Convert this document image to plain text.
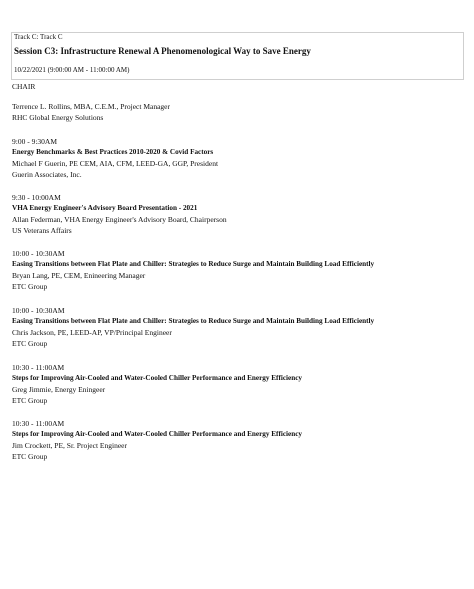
Track C: Track C
Session C3: Infrastructure Renewal A Phenomenological Way to Save Energy
10/22/2021 (9:00:00 AM - 11:00:00 AM)
CHAIR
Terrence L. Rollins, MBA, C.E.M., Project Manager
RHC Global Energy Solutions
9:00 - 9:30AM
Energy Benchmarks & Best Practices 2010-2020 & Covid Factors
Michael F Guerin, PE CEM, AIA, CFM, LEED-GA, GGP, President
Guerin Associates, Inc.
9:30 - 10:00AM
VHA Energy Engineer's Advisory Board Presentation - 2021
Allan Federman, VHA Energy Engineer's Advisory Board, Chairperson
US Veterans Affairs
10:00 - 10:30AM
Easing Transitions between Flat Plate and Chiller: Strategies to Reduce Surge and Maintain Building Load Efficiently
Bryan Lang, PE, CEM, Enineering Manager
ETC Group
10:00 - 10:30AM
Easing Transitions between Flat Plate and Chiller: Strategies to Reduce Surge and Maintain Building Load Efficiently
Chris Jackson, PE, LEED-AP, VP/Principal Engineer
ETC Group
10:30 - 11:00AM
Steps for Improving Air-Cooled and Water-Cooled Chiller Performance and Energy Efficiency
Greg Jimmie, Energy Eningeer
ETC Group
10:30 - 11:00AM
Steps for Improving Air-Cooled and Water-Cooled Chiller Performance and Energy Efficiency
Jim Crockett, PE, Sr. Project Engineer
ETC Group
